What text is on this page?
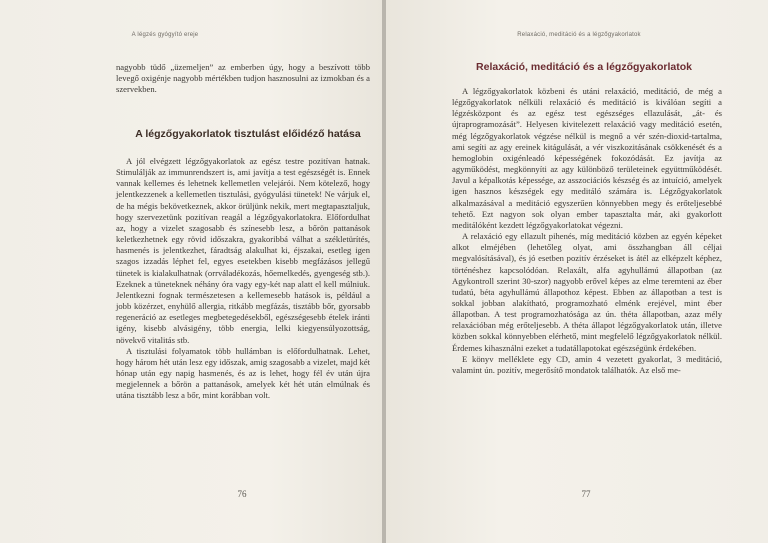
A légzés gyógyító ereje

nagyobb tüdő „üzemeljen” az emberben úgy, hogy a beszívott több levegő oxigénje nagyobb mértékben tudjon hasznosulni az izmokban és a szervekben.

A légzőgyakorlatok tisztulást előidéző hatása

A jól elvégzett légzőgyakorlatok az egész testre pozitívan hatnak. Stimulálják az immunrendszert is, ami javítja a test egészségét is. Ennek vannak kellemes és lehetnek kellemetlen velejárói. Nem kötelező, hogy jelentkezzenek a kellemetlen tisztulási, gyógyulási tünetek! Ne várjuk el, de ha mégis bekövetkeznek, akkor örüljünk nekik, mert megtapasztaljuk, hogy szervezetünk pozitívan reagál a légzőgyakorlatokra. Előfordulhat az, hogy a vizelet szagosabb és színesebb lesz, a bőrön pattanások keletkezhetnek egy rövid időszakra, gyakoribbá válhat a székletürítés, hasmenés is jelentkezhet, fáradtság alakulhat ki, éjszakai, esetleg igen szagos izzadás léphet fel, egyes esetekben kisebb megfázásos jellegű tünetek is kialakulhatnak (orrváladékozás, hőemelkedés, gyengeség stb.). Ezeknek a tüneteknek néhány óra vagy egy-két nap alatt el kell múlniuk. Jelentkezni fognak természetesen a kellemesebb hatások is, például a jobb közérzet, enyhülő allergia, ritkább megfázás, tisztább bőr, gyorsabb regeneráció az esetleges megbetegedésekből, egészségesebb ételek iránti igény, kisebb alvásigény, több energia, lelki kiegyensúlyozottság, növekvő vitalitás stb.

A tisztulási folyamatok több hullámban is előfordulhatnak. Lehet, hogy három hét után lesz egy időszak, amig szagosabb a vizelet, majd két hónap után egy napig hasmenés, és az is lehet, hogy fél év után újra megjelennek a bőrön a pattanások, amelyek két hét után elmúlnak és utána tisztább lesz a bőr, mint korábban volt.

76
Relaxáció, meditáció és a légzőgyakorlatok
Relaxáció, meditáció és a légzőgyakorlatok

A légzőgyakorlatok közbeni és utáni relaxáció, meditáció, de még a légzőgyakorlatok nélküli relaxáció és meditáció is kiválóan segíti a légzésközpont és az egész test egészséges ellazulását, „át- és újraprogramozását”. Helyesen kivitelezett relaxáció vagy meditáció esetén, még légzőgyakorlatok végzése nélkül is megnő a vér szén-dioxid-tartalma, ami segíti az agy ereinek kitágulását, a vér viszkozitásának csökkenését és a hemoglobin oxigénleadó képességének fokozódását. Ez javítja az agyműködést, megkönnyíti az agy különböző területeinek együttműködését. Javul a képalkotás képessége, az asszociációs készség és az intuíció, amelyek igen hasznos készségek egy meditáló számára is. Légzőgyakorlatok alkalmazásával a meditáció egyszerűen könnyebben megy és erőteljesebbé tehető. Ezt nagyon sok olyan ember tapasztalta már, aki gyakorlott meditálóként kezdett légzőgyakorlatokat végezni.

A relaxáció egy ellazult pihenés, míg meditáció közben az egyén képeket alkot elméjében (lehetőleg olyat, ami összhangban áll céljai megvalósításával), és jó esetben pozitív érzéseket is átél az elképzelt képhez, történéshez kapcsolódóan. Relaxált, alfa agyhullámú állapotban (az Agykontroll szerint 30-szor) nagyobb erővel képes az elme teremteni az éber tudatú, béta agyhullámú állapothoz képest. Ebben az állapotban a test is sokkal jobban alakítható, programozható elménk erejével, mint éber állapotban. A test programozhatósága az ún. théta állapotban, azaz mély relaxációban még erőteljesebb. A théta állapot légzőgyakorlatok után, illetve közben sokkal könnyebben elérhető, mint megfelelő légzőgyakorlatok nélkül. Érdemes kihasználni ezeket a tudatállapotokat egészségünk érdekében.

E könyv melléklete egy CD, amin 4 vezetett gyakorlat, 3 meditáció, valamint ún. pozitív, megerősítő mondatok találhatók. Az első me-

77
